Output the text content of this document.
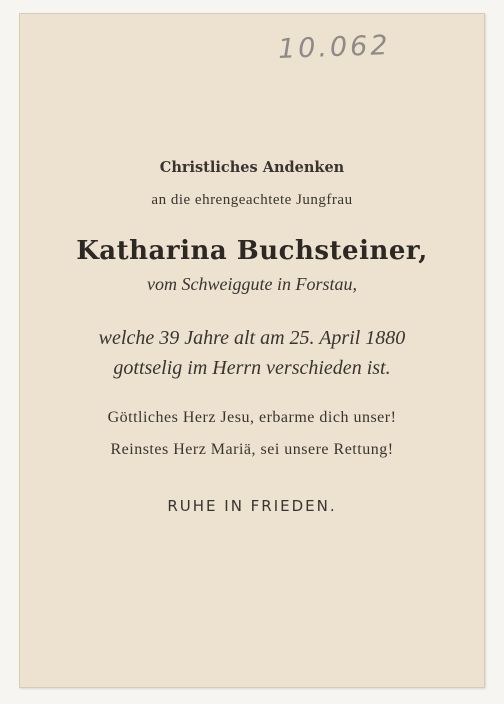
10.062
Christliches Andenken
an die ehrengeachtete Jungfrau
Katharina Buchsteiner,
vom Schweiggute in Forstau,
welche 39 Jahre alt am 25. April 1880
gottselig im Herrn verschieden ist.
Göttliches Herz Jesu, erbarme dich unser!
Reinstes Herz Mariä, sei unsere Rettung!
RUHE IN FRIEDEN.
